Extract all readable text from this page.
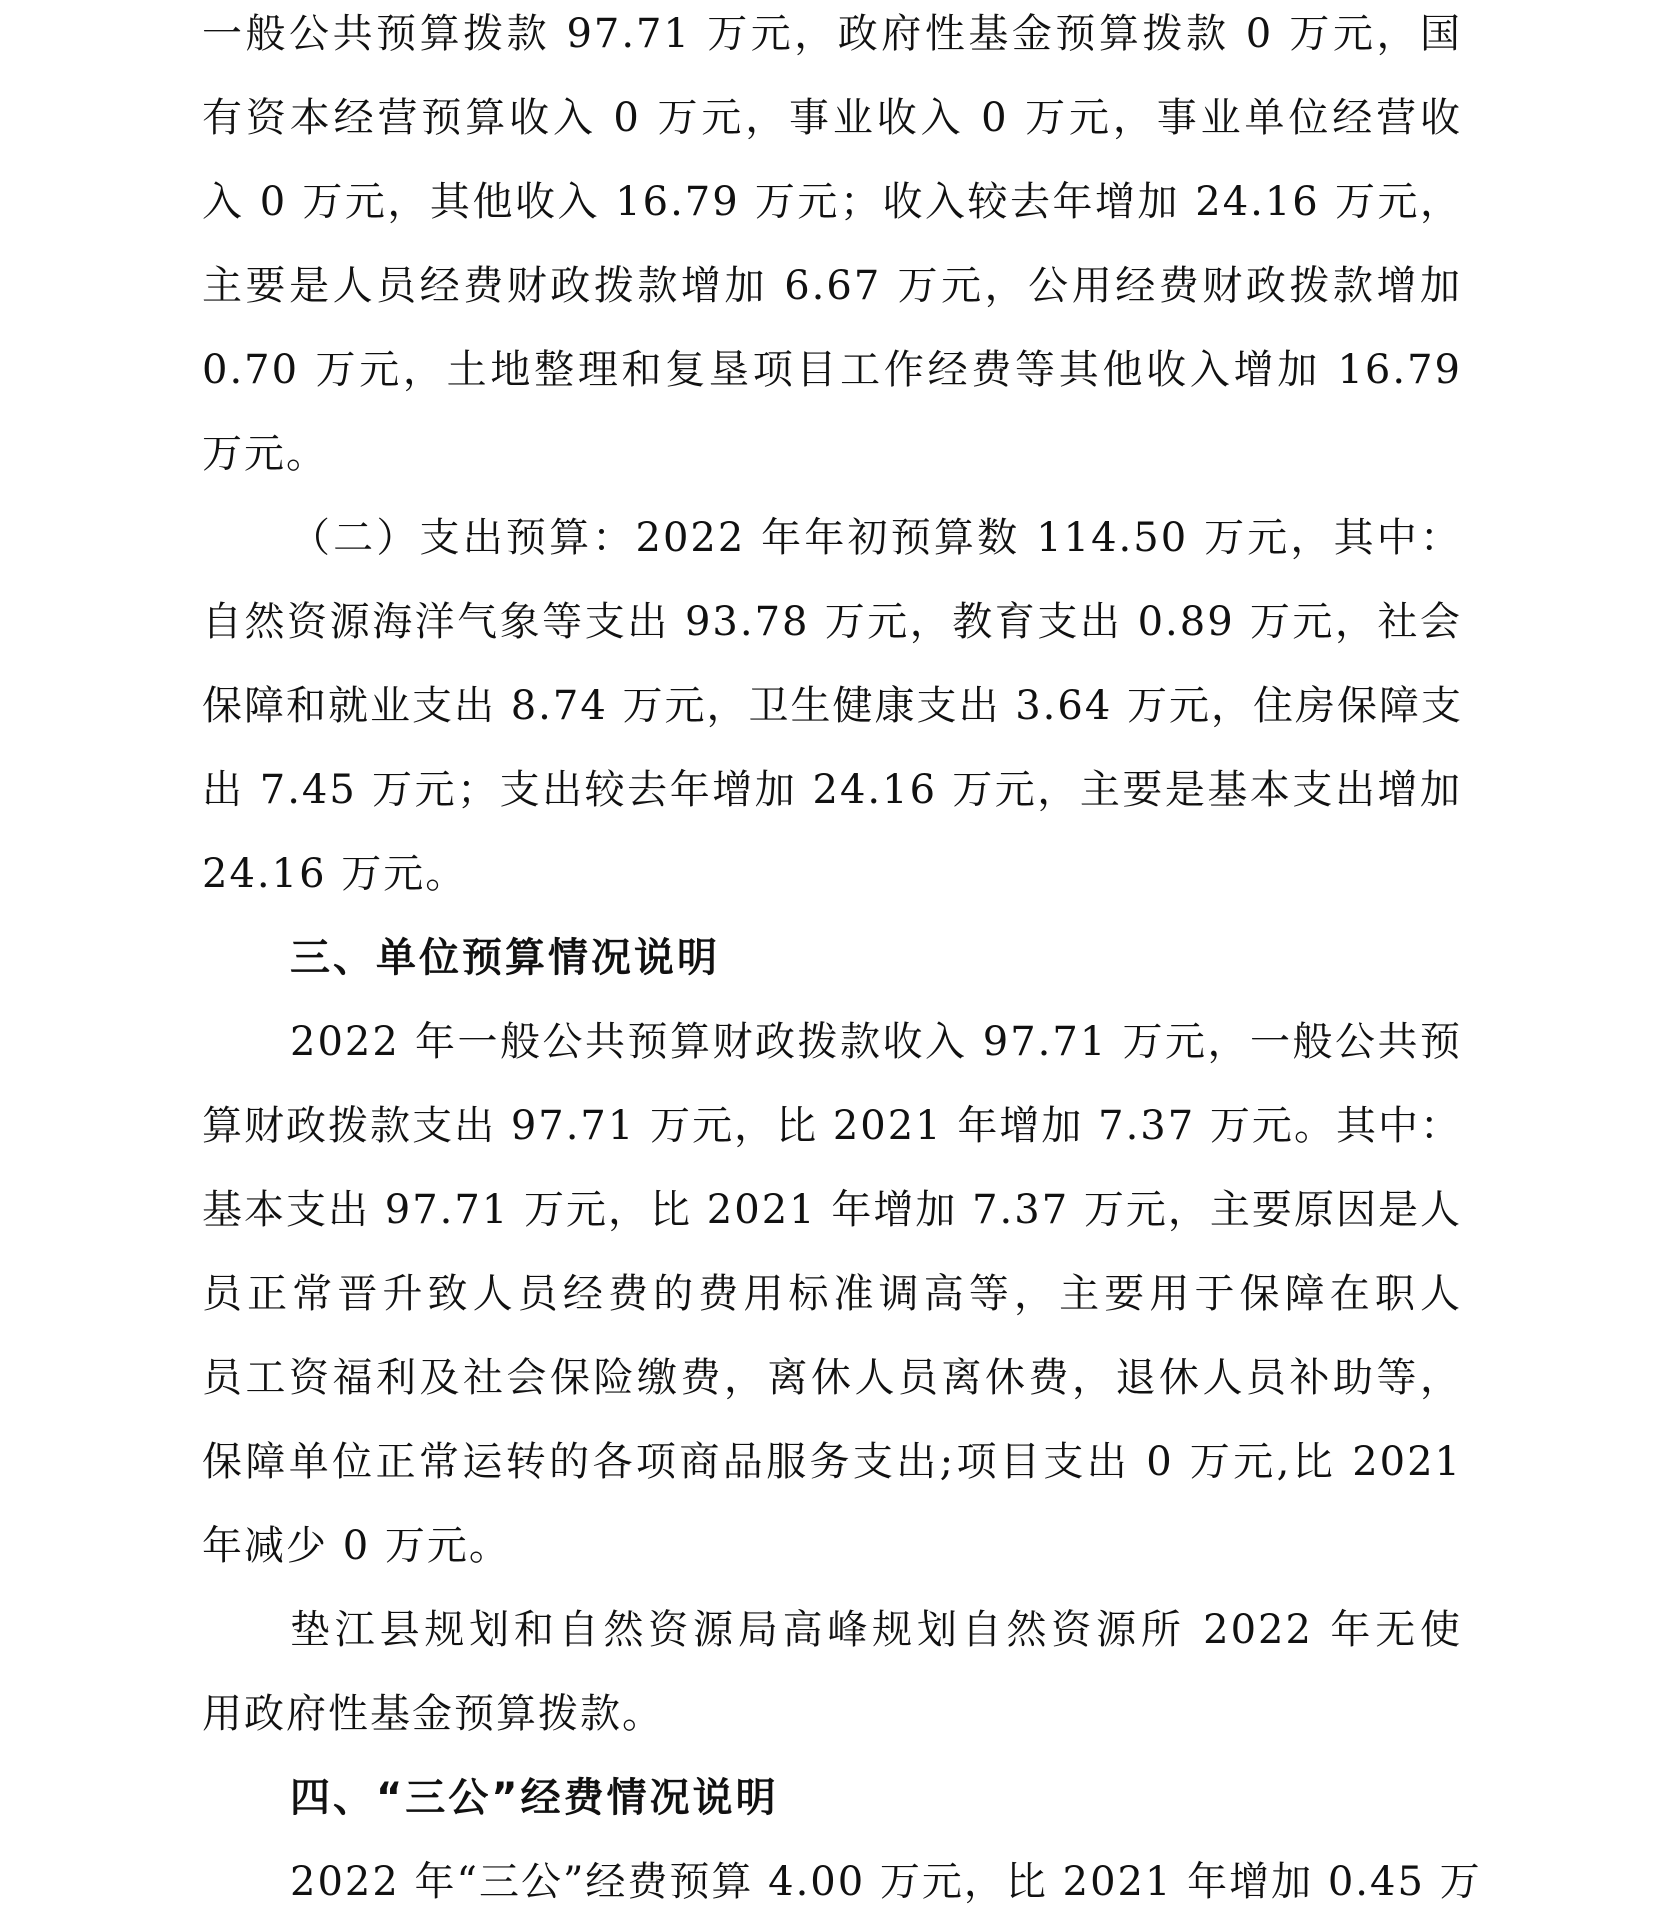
一般公共预算拨款 97.71 万元，政府性基金预算拨款 0 万元，国
有资本经营预算收入 0 万元，事业收入 0 万元，事业单位经营收
入 0 万元，其他收入 16.79 万元；收入较去年增加 24.16 万元，
主要是人员经费财政拨款增加 6.67 万元，公用经费财政拨款增加
0.70 万元，土地整理和复垦项目工作经费等其他收入增加 16.79
万元。
（二）支出预算：2022 年年初预算数 114.50 万元，其中：
自然资源海洋气象等支出 93.78 万元，教育支出 0.89 万元，社会
保障和就业支出 8.74 万元，卫生健康支出 3.64 万元，住房保障支
出 7.45 万元；支出较去年增加 24.16 万元，主要是基本支出增加
24.16 万元。
三、单位预算情况说明
2022 年一般公共预算财政拨款收入 97.71 万元，一般公共预
算财政拨款支出 97.71 万元，比 2021 年增加 7.37 万元。其中：
基本支出 97.71 万元，比 2021 年增加 7.37 万元，主要原因是人
员正常晋升致人员经费的费用标准调高等，主要用于保障在职人
员工资福利及社会保险缴费，离休人员离休费，退休人员补助等，
保障单位正常运转的各项商品服务支出;项目支出 0 万元,比 2021
年减少 0 万元。
垫江县规划和自然资源局高峰规划自然资源所 2022 年无使
用政府性基金预算拨款。
四、“三公”经费情况说明
2022 年“三公”经费预算 4.00 万元，比 2021 年增加 0.45 万
